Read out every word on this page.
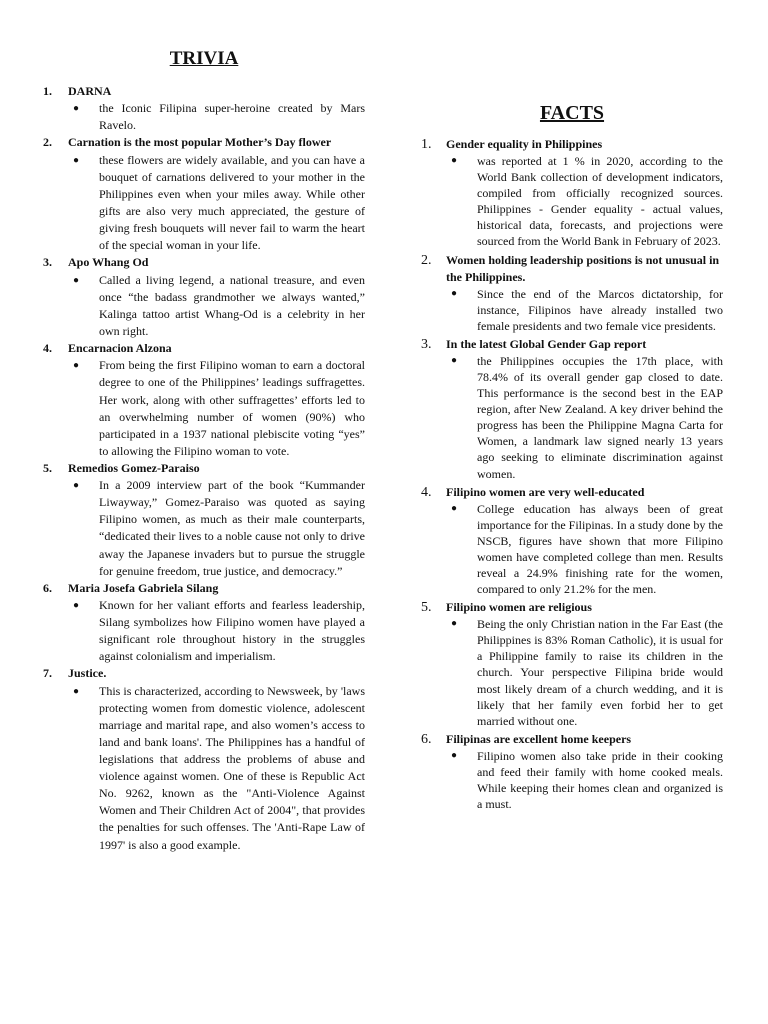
TRIVIA
1.	DARNA
●	the Iconic Filipina super-heroine created by Mars Ravelo.
2.	Carnation is the most popular Mother’s Day flower
●	these flowers are widely available, and you can have a bouquet of carnations delivered to your mother in the Philippines even when your miles away. While other gifts are also very much appreciated, the gesture of giving fresh bouquets will never fail to warm the heart of the special woman in your life.
3.	Apo Whang Od
●	Called a living legend, a national treasure, and even once “the badass grandmother we always wanted,” Kalinga tattoo artist Whang-Od is a celebrity in her own right.
4.	Encarnacion Alzona
●	From being the first Filipino woman to earn a doctoral degree to one of the Philippines’ leadings suffragettes. Her work, along with other suffragettes’ efforts led to an overwhelming number of women (90%) who participated in a 1937 national plebiscite voting “yes” to allowing the Filipino woman to vote.
5.	Remedios Gomez-Paraiso
●	In a 2009 interview part of the book “Kummander Liwayway,” Gomez-Paraiso was quoted as saying Filipino women, as much as their male counterparts, “dedicated their lives to a noble cause not only to drive away the Japanese invaders but to pursue the struggle for genuine freedom, true justice, and democracy.”
6.	Maria Josefa Gabriela Silang
●	Known for her valiant efforts and fearless leadership, Silang symbolizes how Filipino women have played a significant role throughout history in the struggles against colonialism and imperialism.
7.	Justice.
●	This is characterized, according to Newsweek, by 'laws protecting women from domestic violence, adolescent marriage and marital rape, and also women’s access to land and bank loans'. The Philippines has a handful of legislations that address the problems of abuse and violence against women. One of these is Republic Act No. 9262, known as the "Anti-Violence Against Women and Their Children Act of 2004", that provides the penalties for such offenses. The 'Anti-Rape Law of 1997' is also a good example.
FACTS
1.	Gender equality in Philippines
●	was reported at 1 % in 2020, according to the World Bank collection of development indicators, compiled from officially recognized sources. Philippines - Gender equality - actual values, historical data, forecasts, and projections were sourced from the World Bank in February of 2023.
2.	Women holding leadership positions is not unusual in the Philippines.
●	Since the end of the Marcos dictatorship, for instance, Filipinos have already installed two female presidents and two female vice presidents.
3.	In the latest Global Gender Gap report
●	the Philippines occupies the 17th place, with 78.4% of its overall gender gap closed to date. This performance is the second best in the EAP region, after New Zealand. A key driver behind the progress has been the Philippine Magna Carta for Women, a landmark law signed nearly 13 years ago seeking to eliminate discrimination against women.
4.	Filipino women are very well-educated
●	College education has always been of great importance for the Filipinas. In a study done by the NSCB, figures have shown that more Filipino women have completed college than men. Results reveal a 24.9% finishing rate for the women, compared to only 21.2% for the men.
5.	Filipino women are religious
●	Being the only Christian nation in the Far East (the Philippines is 83% Roman Catholic), it is usual for a Philippine family to raise its children in the church. Your perspective Filipina bride would most likely dream of a church wedding, and it is likely that her family even forbid her to get married without one.
6.	Filipinas are excellent home keepers
●	Filipino women also take pride in their cooking and feed their family with home cooked meals. While keeping their homes clean and organized is a must.
